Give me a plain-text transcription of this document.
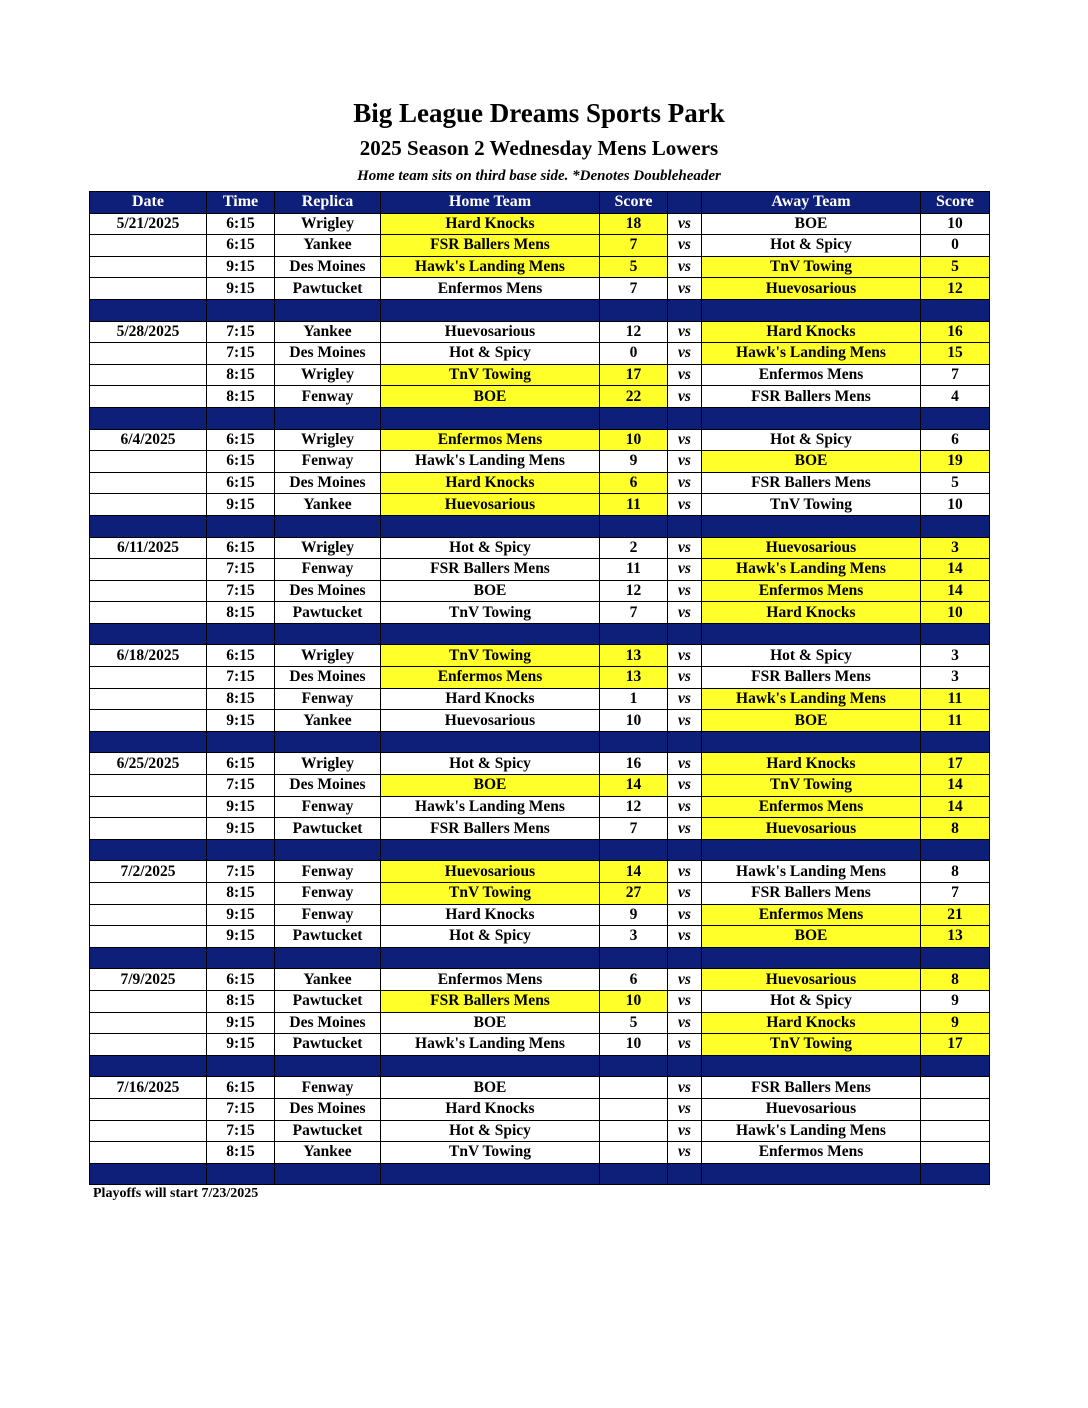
Big League Dreams Sports Park
2025 Season 2 Wednesday Mens Lowers
Home team sits on third base side. *Denotes Doubleheader
Date	Time	Replica	Home Team	Score		Away Team	Score
5/21/2025	6:15	Wrigley	Hard Knocks	18	vs	BOE	10
	6:15	Yankee	FSR Ballers Mens	7	vs	Hot & Spicy	0
	9:15	Des Moines	Hawk's Landing Mens	5	vs	TnV Towing	5
	9:15	Pawtucket	Enfermos Mens	7	vs	Huevosarious	12

5/28/2025	7:15	Yankee	Huevosarious	12	vs	Hard Knocks	16
	7:15	Des Moines	Hot & Spicy	0	vs	Hawk's Landing Mens	15
	8:15	Wrigley	TnV Towing	17	vs	Enfermos Mens	7
	8:15	Fenway	BOE	22	vs	FSR Ballers Mens	4

6/4/2025	6:15	Wrigley	Enfermos Mens	10	vs	Hot & Spicy	6
	6:15	Fenway	Hawk's Landing Mens	9	vs	BOE	19
	6:15	Des Moines	Hard Knocks	6	vs	FSR Ballers Mens	5
	9:15	Yankee	Huevosarious	11	vs	TnV Towing	10

6/11/2025	6:15	Wrigley	Hot & Spicy	2	vs	Huevosarious	3
	7:15	Fenway	FSR Ballers Mens	11	vs	Hawk's Landing Mens	14
	7:15	Des Moines	BOE	12	vs	Enfermos Mens	14
	8:15	Pawtucket	TnV Towing	7	vs	Hard Knocks	10

6/18/2025	6:15	Wrigley	TnV Towing	13	vs	Hot & Spicy	3
	7:15	Des Moines	Enfermos Mens	13	vs	FSR Ballers Mens	3
	8:15	Fenway	Hard Knocks	1	vs	Hawk's Landing Mens	11
	9:15	Yankee	Huevosarious	10	vs	BOE	11

6/25/2025	6:15	Wrigley	Hot & Spicy	16	vs	Hard Knocks	17
	7:15	Des Moines	BOE	14	vs	TnV Towing	14
	9:15	Fenway	Hawk's Landing Mens	12	vs	Enfermos Mens	14
	9:15	Pawtucket	FSR Ballers Mens	7	vs	Huevosarious	8

7/2/2025	7:15	Fenway	Huevosarious	14	vs	Hawk's Landing Mens	8
	8:15	Fenway	TnV Towing	27	vs	FSR Ballers Mens	7
	9:15	Fenway	Hard Knocks	9	vs	Enfermos Mens	21
	9:15	Pawtucket	Hot & Spicy	3	vs	BOE	13

7/9/2025	6:15	Yankee	Enfermos Mens	6	vs	Huevosarious	8
	8:15	Pawtucket	FSR Ballers Mens	10	vs	Hot & Spicy	9
	9:15	Des Moines	BOE	5	vs	Hard Knocks	9
	9:15	Pawtucket	Hawk's Landing Mens	10	vs	TnV Towing	17

7/16/2025	6:15	Fenway	BOE		vs	FSR Ballers Mens	
	7:15	Des Moines	Hard Knocks		vs	Huevosarious	
	7:15	Pawtucket	Hot & Spicy		vs	Hawk's Landing Mens	
	8:15	Yankee	TnV Towing		vs	Enfermos Mens	

Playoffs will start 7/23/2025
